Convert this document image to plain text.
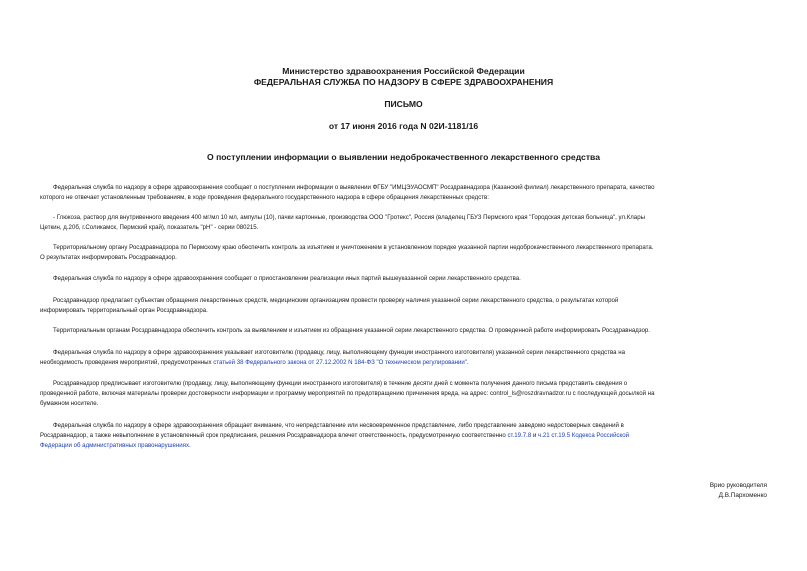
Министерство здравоохранения Российской Федерации
ФЕДЕРАЛЬНАЯ СЛУЖБА ПО НАДЗОРУ В СФЕРЕ ЗДРАВООХРАНЕНИЯ
ПИСЬМО
от 17 июня 2016 года N 02И-1181/16
О поступлении информации о выявлении недоброкачественного лекарственного средства
Федеральная служба по надзору в сфере здравоохранения сообщает о поступлении информации о выявлении ФГБУ "ИМЦЭУАОСМП" Росздравнадзора (Казанский филиал) лекарственного препарата, качество
которого не отвечает установленным требованиям, в ходе проведения федерального государственного надзора в сфере обращения лекарственных средств:
- Глюкоза, раствор для внутривенного введения 400 мг/мл 10 мл, ампулы (10), пачки картонные, производства ООО "Гротекс", Россия (владелец ГБУЗ Пермского края "Городская детская больница", ул.Клары
Цеткин, д.20б, г.Соликамск, Пермский край), показатель "pH" - серии 080215.
Территориальному органу Росздравнадзора по Пермскому краю обеспечить контроль за изъятием и уничтожением в установленном порядке указанной партии недоброкачественного лекарственного препарата.
О результатах информировать Росздравнадзор.
Федеральная служба по надзору в сфере здравоохранения сообщает о приостановлении реализации иных партий вышеуказанной серии лекарственного средства.
Росздравнадзор предлагает субъектам обращения лекарственных средств, медицинским организациям провести проверку наличия указанной серии лекарственного средства, о результатах которой
информировать территориальный орган Росздравнадзора.
Территориальным органам Росздравнадзора обеспечить контроль за выявлением и изъятием из обращения указанной серии лекарственного средства. О проведенной работе информировать Росздравнадзор.
Федеральная служба по надзору в сфере здравоохранения указывает изготовителю (продавцу, лицу, выполняющему функции иностранного изготовителя) указанной серии лекарственного средства на
необходимость проведения мероприятий, предусмотренных статьей 38 Федерального закона от 27.12.2002 N 184-ФЗ "О техническом регулировании".
Росздравнадзор предписывает изготовителю (продавцу, лицу, выполняющему функции иностранного изготовителя) в течение десяти дней с момента получения данного письма представить сведения о
проведенной работе, включая материалы проверки достоверности информации и программу мероприятий по предотвращению причинения вреда, на адрес: control_ls@roszdravnadzor.ru с последующей досылкой на
бумажном носителе.
Федеральная служба по надзору в сфере здравоохранения обращает внимание, что непредставление или несвоевременное представление, либо представление заведомо недостоверных сведений в
Росздравнадзор, а также невыполнение в установленный срок предписания, решения Росздравнадзора влечет ответственность, предусмотренную соответственно ст.19.7.8 и ч.21 ст.19.5 Кодекса Российской
Федерации об административных правонарушениях.
Врио руководителя
Д.В.Пархоменко
